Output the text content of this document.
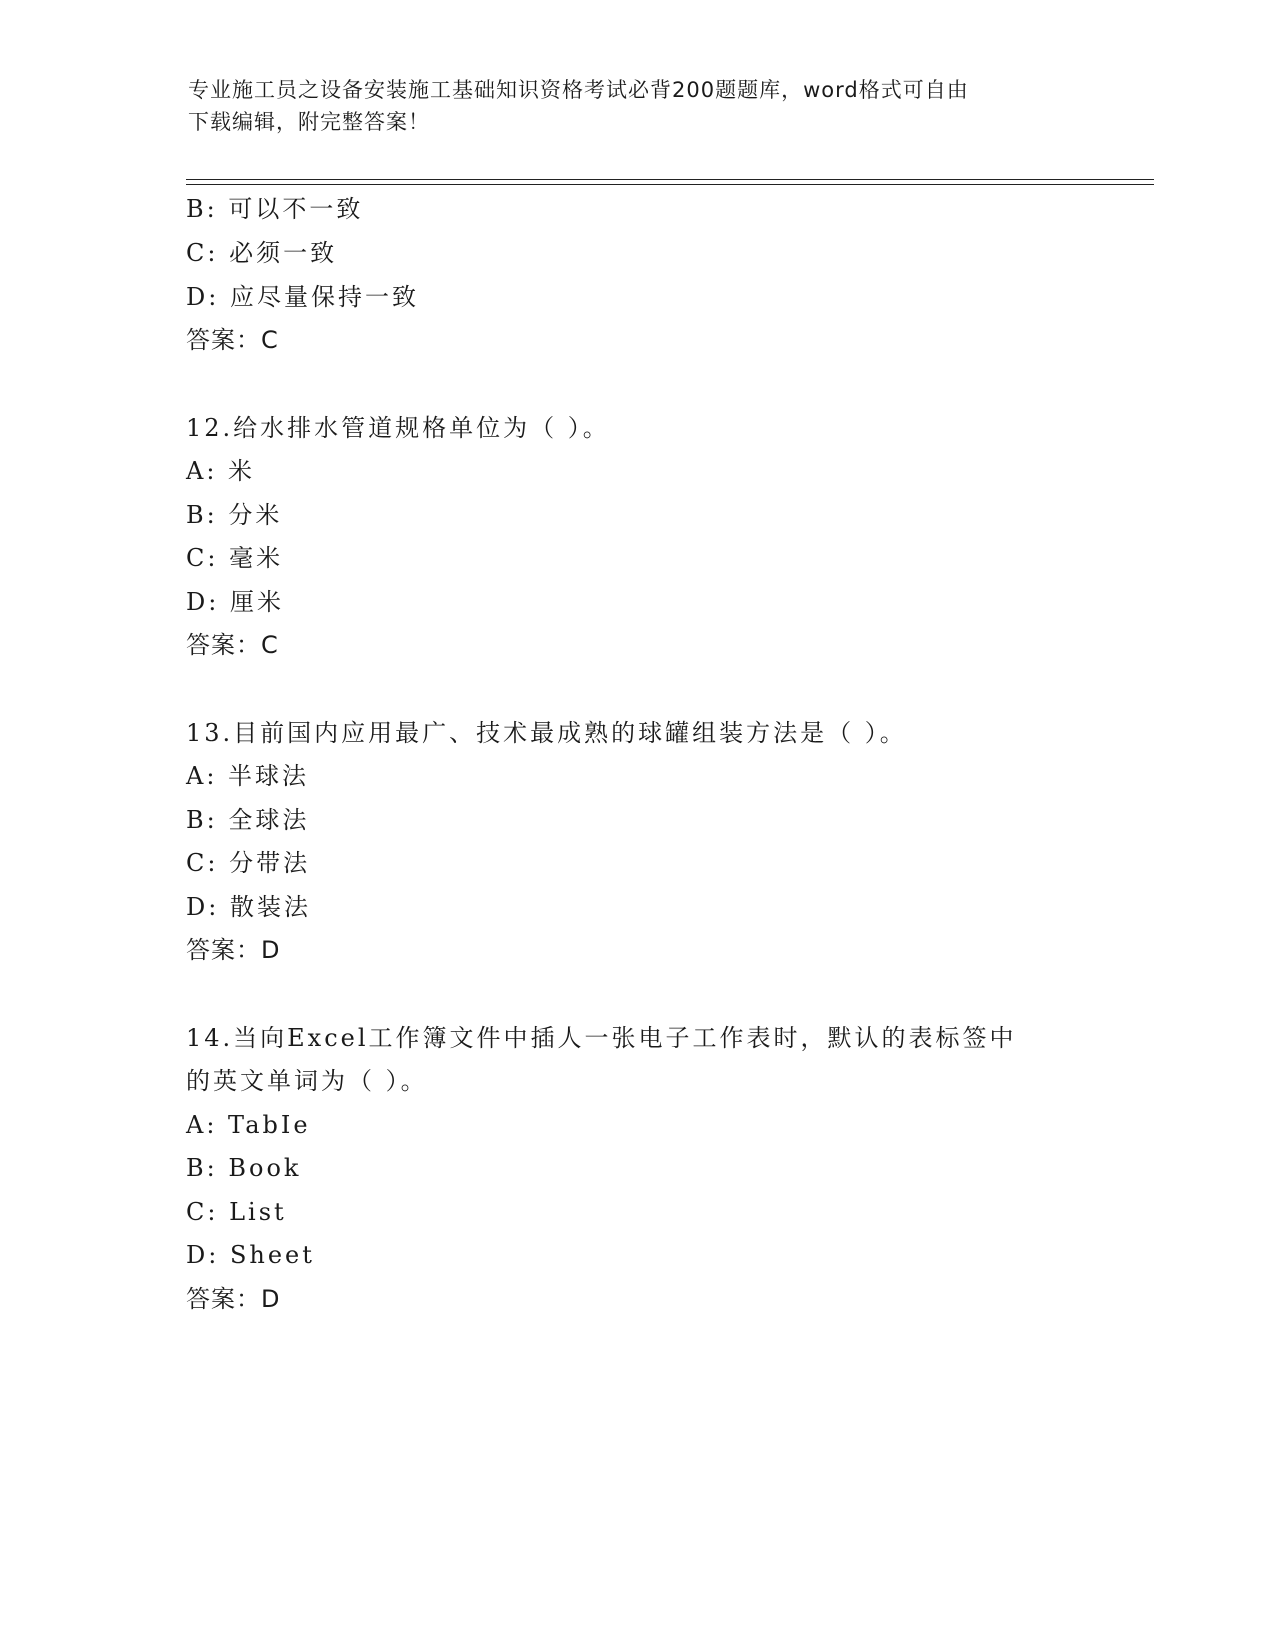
专业施工员之设备安装施工基础知识资格考试必背200题题库，word格式可自由
下载编辑，附完整答案！
B: 可以不一致
C: 必须一致
D: 应尽量保持一致
答案：C
12.给水排水管道规格单位为（ ）。
A: 米
B: 分米
C: 毫米
D: 厘米
答案：C
13.目前国内应用最广、技术最成熟的球罐组装方法是（ ）。
A: 半球法
B: 全球法
C: 分带法
D: 散装法
答案：D
14.当向Excel工作簿文件中插人一张电子工作表时，默认的表标签中
的英文单词为（ ）。
A: TabIe
B: Book
C: List
D: Sheet
答案：D
